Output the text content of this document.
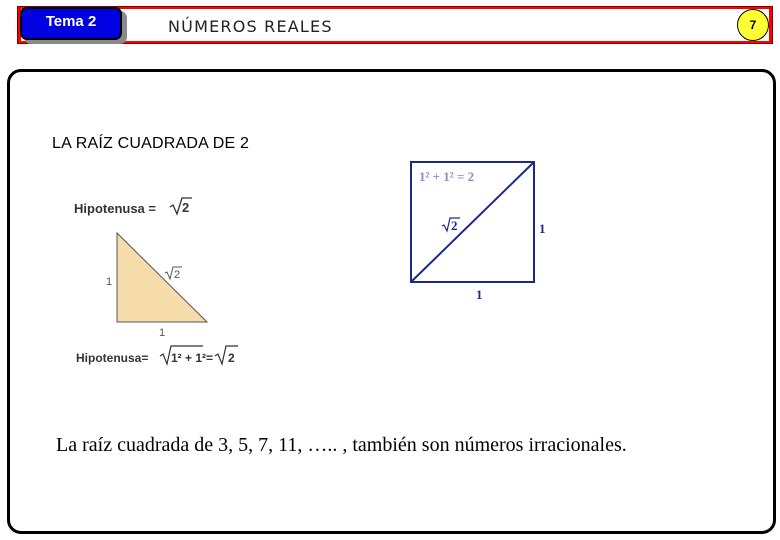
Tema 2	NÚMEROS REALES	7
LA RAÍZ CUADRADA DE 2
Hipotenusa = 2
1
1
2
Hipotenusa= 1² + 1² = 2
1² + 1² = 2
2	1
1
La raíz cuadrada de 3, 5, 7, 11, ….. , también son números irracionales.
